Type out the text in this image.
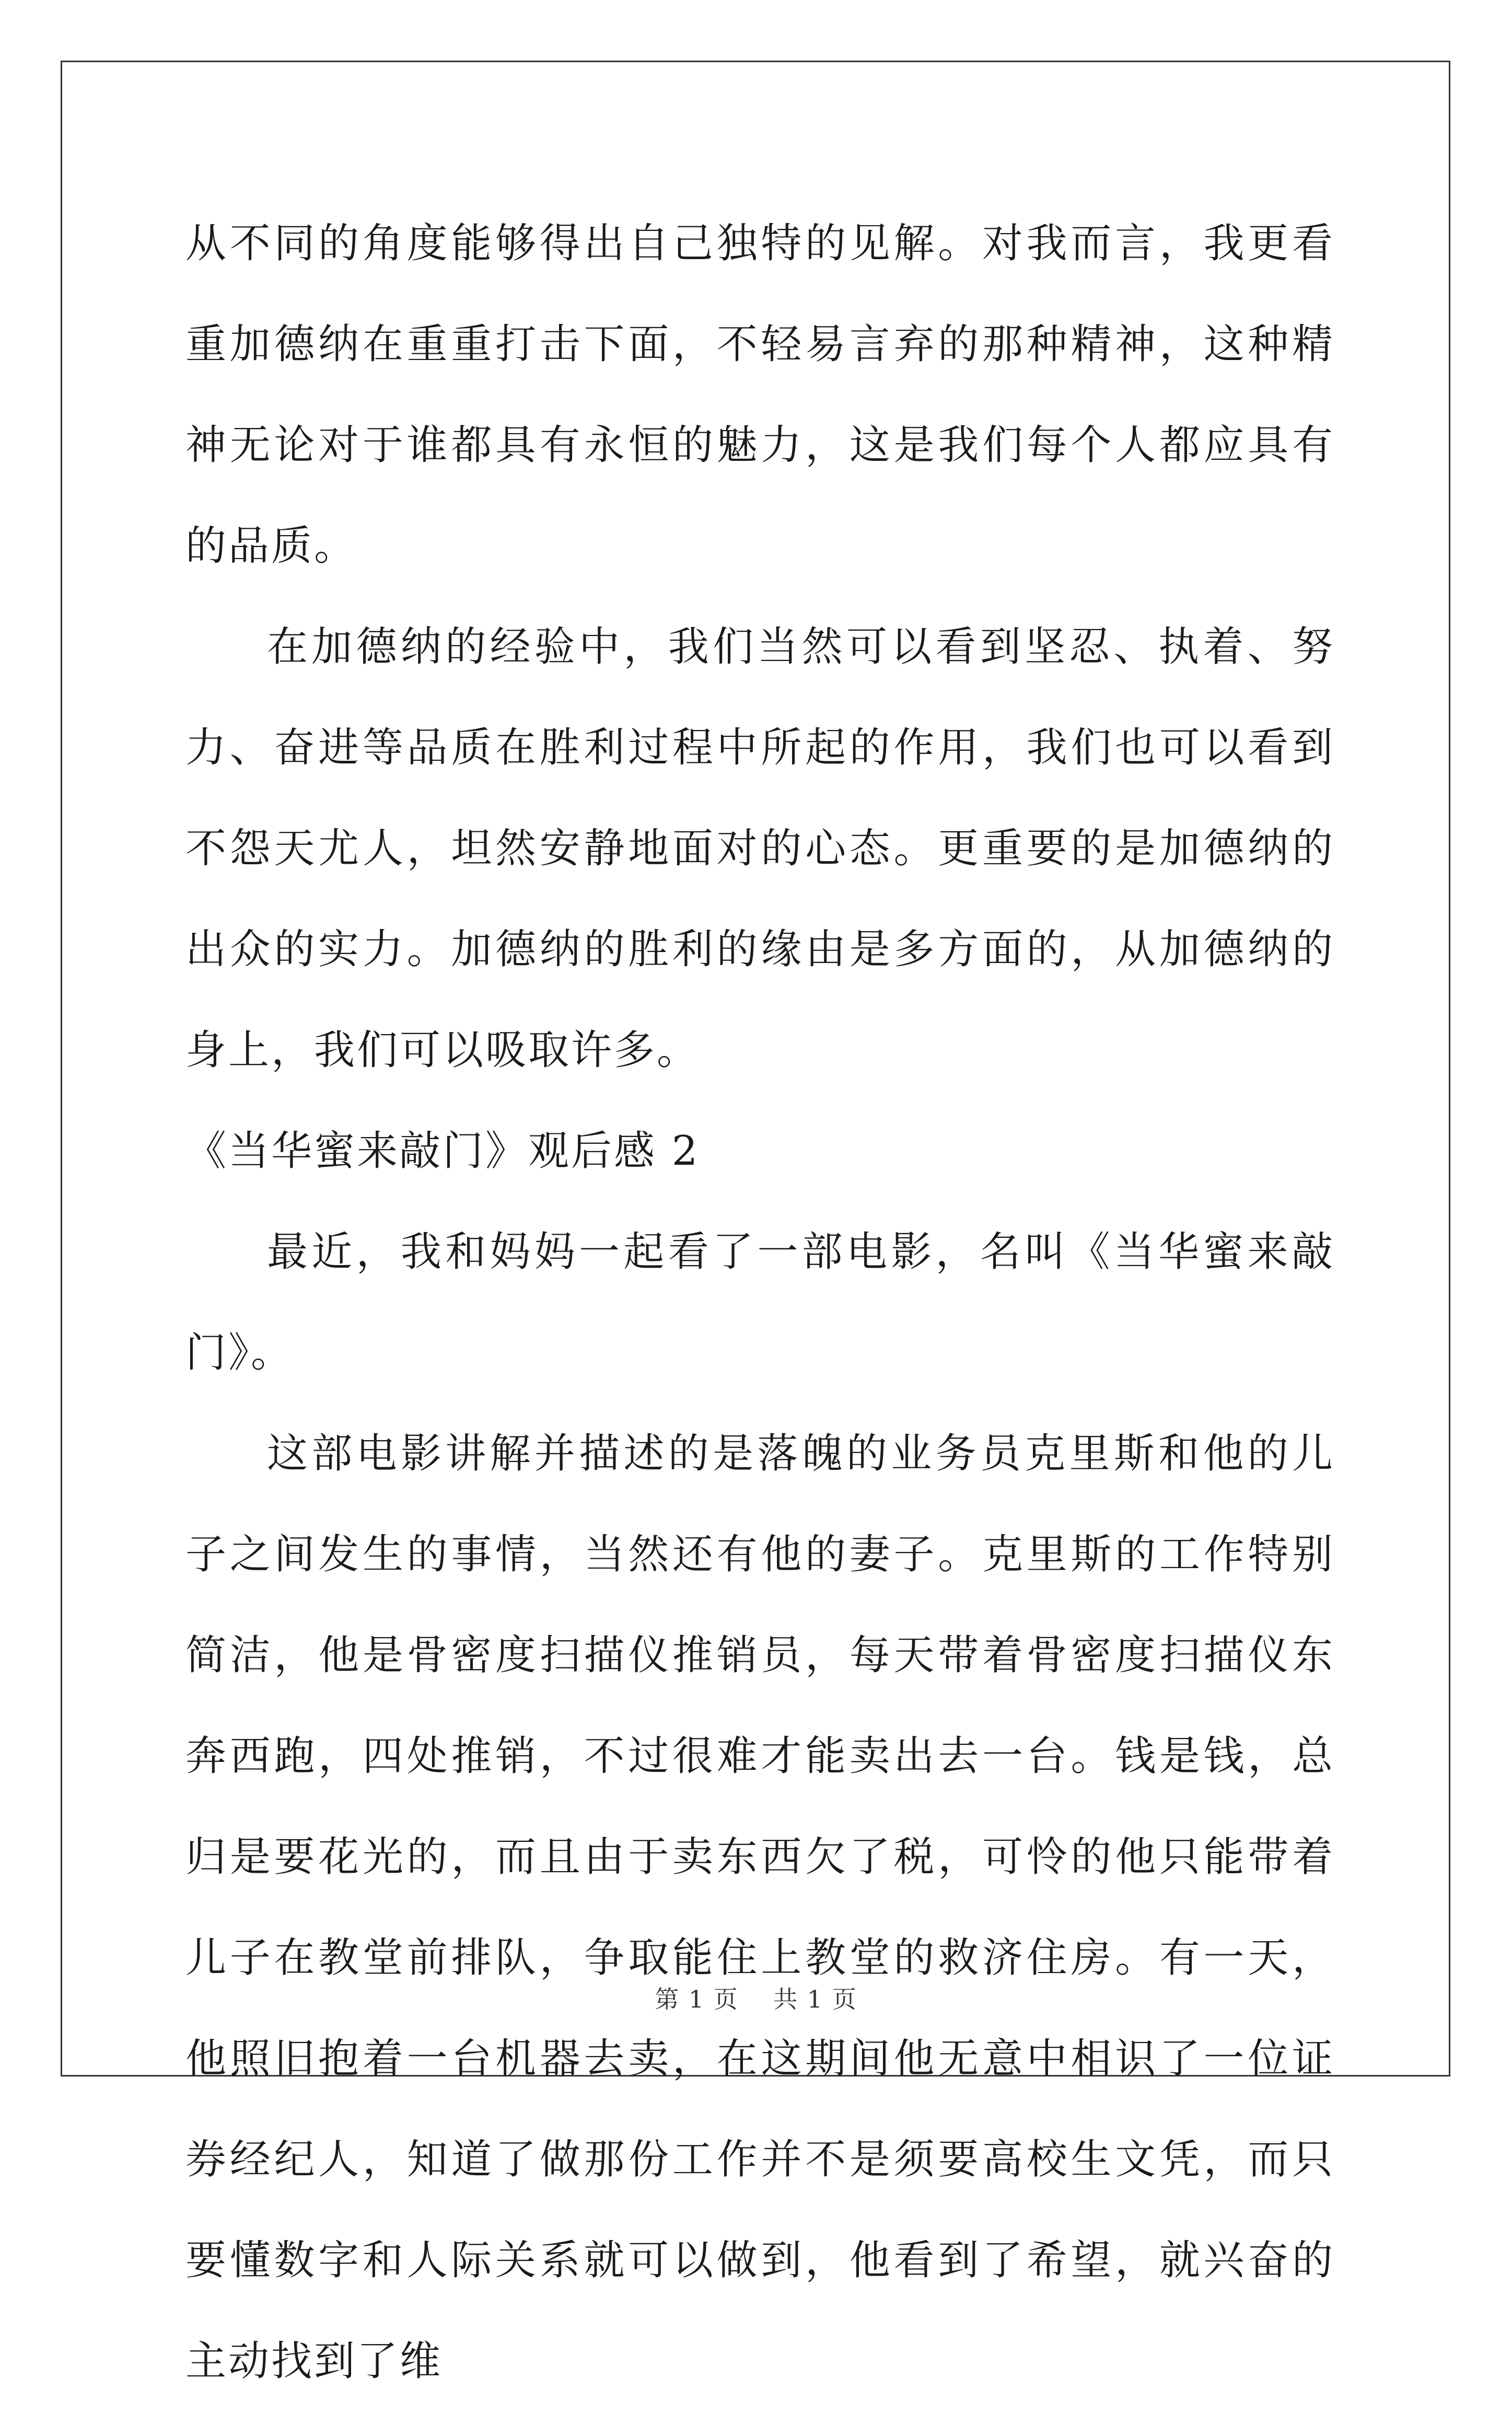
从不同的角度能够得出自己独特的见解。对我而言，我更看重加德纳在重重打击下面，不轻易言弃的那种精神，这种精神无论对于谁都具有永恒的魅力，这是我们每个人都应具有的品质。

在加德纳的经验中，我们当然可以看到坚忍、执着、努力、奋进等品质在胜利过程中所起的作用，我们也可以看到不怨天尤人，坦然安静地面对的心态。更重要的是加德纳的出众的实力。加德纳的胜利的缘由是多方面的，从加德纳的身上，我们可以吸取许多。

《当华蜜来敲门》观后感 2

最近，我和妈妈一起看了一部电影，名叫《当华蜜来敲门》。

这部电影讲解并描述的是落魄的业务员克里斯和他的儿子之间发生的事情，当然还有他的妻子。克里斯的工作特别简洁，他是骨密度扫描仪推销员，每天带着骨密度扫描仪东奔西跑，四处推销，不过很难才能卖出去一台。钱是钱，总归是要花光的，而且由于卖东西欠了税，可怜的他只能带着儿子在教堂前排队，争取能住上教堂的救济住房。有一天，他照旧抱着一台机器去卖，在这期间他无意中相识了一位证券经纪人，知道了做那份工作并不是须要高校生文凭，而只要懂数字和人际关系就可以做到，他看到了希望，就兴奋的主动找到了维

第 1 页    共 1 页
